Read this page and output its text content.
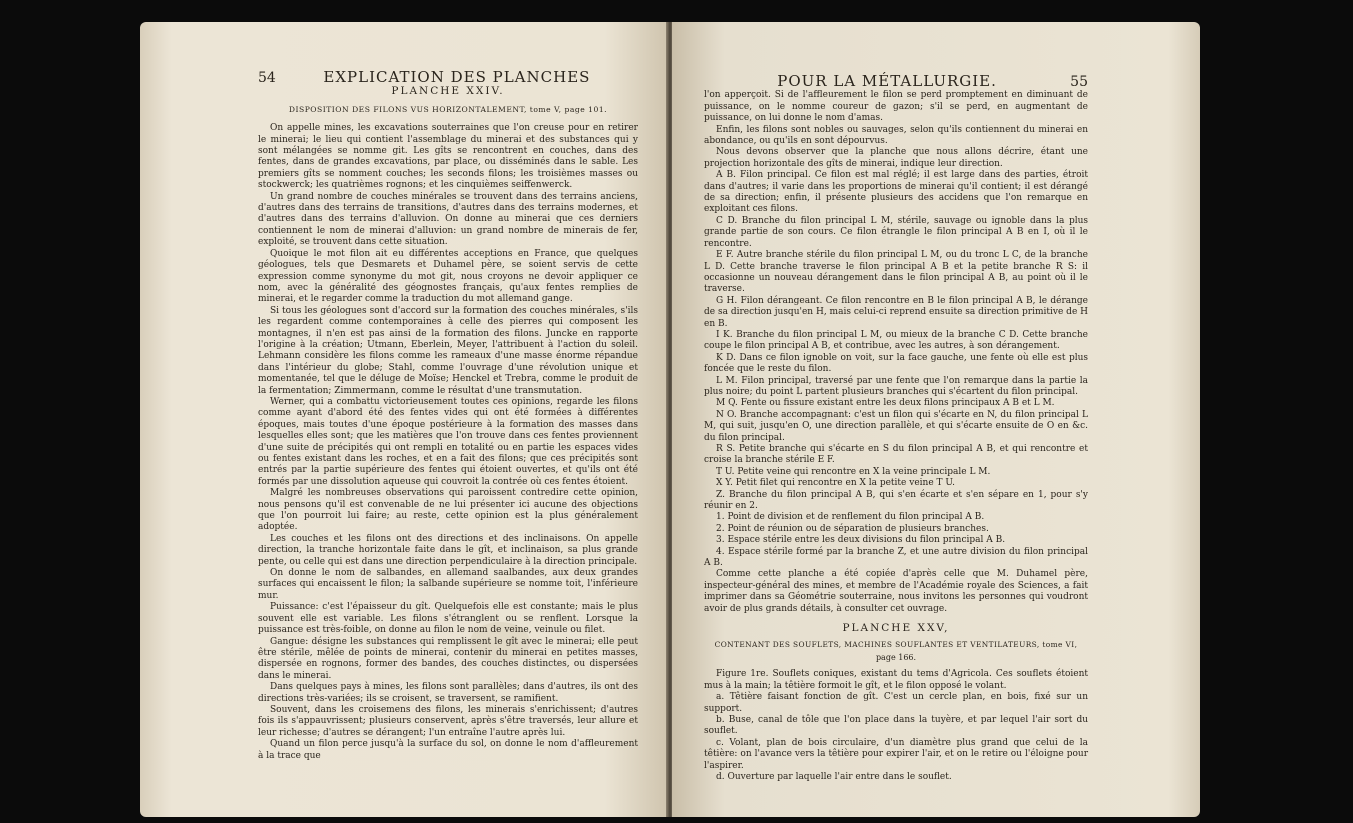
54	EXPLICATION DES PLANCHES
PLANCHE XXIV.
DISPOSITION DES FILONS VUS HORIZONTALEMENT, tome V, page 101.

On appelle mines, les excavations souterraines que l'on creuse pour en retirer le minerai; le lieu qui contient l'assemblage du minerai et des substances qui y sont mélangées se nomme git. Les gîts se rencontrent en couches, dans des fentes, dans de grandes excavations, par place, ou disséminés dans le sable. Les premiers gîts se nomment couches; les seconds filons; les troisièmes masses ou stockwerck; les quatrièmes rognons; et les cinquièmes seiffenwerck.

Un grand nombre de couches minérales se trouvent dans des terrains anciens, d'autres dans des terrains de transitions, d'autres dans des terrains modernes, et d'autres dans des terrains d'alluvion. On donne au minerai que ces derniers contiennent le nom de minerai d'alluvion: un grand nombre de minerais de fer, exploité, se trouvent dans cette situation.

Quoique le mot filon ait eu différentes acceptions en France, que quelques géologues, tels que Desmarets et Duhamel père, se soient servis de cette expression comme synonyme du mot git, nous croyons ne devoir appliquer ce nom, avec la généralité des géognostes français, qu'aux fentes remplies de minerai, et le regarder comme la traduction du mot allemand gange.

Si tous les géologues sont d'accord sur la formation des couches minérales, s'ils les regardent comme contemporaines à celle des pierres qui composent les montagnes, il n'en est pas ainsi de la formation des filons. Juncke en rapporte l'origine à la création; Utmann, Eberlein, Meyer, l'attribuent à l'action du soleil. Lehmann considère les filons comme les rameaux d'une masse énorme répandue dans l'intérieur du globe; Stahl, comme l'ouvrage d'une révolution unique et momentanée, tel que le déluge de Moïse; Henckel et Trebra, comme le produit de la fermentation; Zimmermann, comme le résultat d'une transmutation.

Werner, qui a combattu victorieusement toutes ces opinions, regarde les filons comme ayant d'abord été des fentes vides qui ont été formées à différentes époques, mais toutes d'une époque postérieure à la formation des masses dans lesquelles elles sont; que les matières que l'on trouve dans ces fentes proviennent d'une suite de précipités qui ont rempli en totalité ou en partie les espaces vides ou fentes existant dans les roches, et en a fait des filons; que ces précipités sont entrés par la partie supérieure des fentes qui étoient ouvertes, et qu'ils ont été formés par une dissolution aqueuse qui couvroit la contrée où ces fentes étoient.

Malgré les nombreuses observations qui paroissent contredire cette opinion, nous pensons qu'il est convenable de ne lui présenter ici aucune des objections que l'on pourroit lui faire; au reste, cette opinion est la plus généralement adoptée.

Les couches et les filons ont des directions et des inclinaisons. On appelle direction, la tranche horizontale faite dans le gît, et inclinaison, sa plus grande pente, ou celle qui est dans une direction perpendiculaire à la direction principale.

On donne le nom de salbandes, en allemand saalbandes, aux deux grandes surfaces qui encaissent le filon; la salbande supérieure se nomme toit, l'inférieure mur.

Puissance: c'est l'épaisseur du gît. Quelquefois elle est constante; mais le plus souvent elle est variable. Les filons s'étranglent ou se renflent. Lorsque la puissance est très-foible, on donne au filon le nom de veine, veinule ou filet.

Gangue: désigne les substances qui remplissent le gît avec le minerai; elle peut être stérile, mêlée de points de minerai, contenir du minerai en petites masses, dispersée en rognons, former des bandes, des couches distinctes, ou dispersées dans le minerai.

Dans quelques pays à mines, les filons sont parallèles; dans d'autres, ils ont des directions très-variées; ils se croisent, se traversent, se ramifient.

Souvent, dans les croisemens des filons, les minerais s'enrichissent; d'autres fois ils s'appauvrissent; plusieurs conservent, après s'être traversés, leur allure et leur richesse; d'autres se dérangent; l'un entraîne l'autre après lui.

Quand un filon perce jusqu'à la surface du sol, on donne le nom d'affleurement à la trace que

POUR LA MÉTALLURGIE.	55

l'on apperçoit. Si de l'affleurement le filon se perd promptement en diminuant de puissance, on le nomme coureur de gazon; s'il se perd, en augmentant de puissance, on lui donne le nom d'amas.

Enfin, les filons sont nobles ou sauvages, selon qu'ils contiennent du minerai en abondance, ou qu'ils en sont dépourvus.

Nous devons observer que la planche que nous allons décrire, étant une projection horizontale des gîts de minerai, indique leur direction.

A B. Filon principal. Ce filon est mal réglé; il est large dans des parties, étroit dans d'autres; il varie dans les proportions de minerai qu'il contient; il est dérangé de sa direction; enfin, il présente plusieurs des accidens que l'on remarque en exploitant ces filons.

C D. Branche du filon principal L M, stérile, sauvage ou ignoble dans la plus grande partie de son cours. Ce filon étrangle le filon principal A B en I, où il le rencontre.

E F. Autre branche stérile du filon principal L M, ou du tronc L C, de la branche L D. Cette branche traverse le filon principal A B et la petite branche R S: il occasionne un nouveau dérangement dans le filon principal A B, au point où il le traverse.

G H. Filon dérangeant. Ce filon rencontre en B le filon principal A B, le dérange de sa direction jusqu'en H, mais celui-ci reprend ensuite sa direction primitive de H en B.

I K. Branche du filon principal L M, ou mieux de la branche C D. Cette branche coupe le filon principal A B, et contribue, avec les autres, à son dérangement.

K D. Dans ce filon ignoble on voit, sur la face gauche, une fente où elle est plus foncée que le reste du filon.

L M. Filon principal, traversé par une fente que l'on remarque dans la partie la plus noire; du point L partent plusieurs branches qui s'écartent du filon principal.

M Q. Fente ou fissure existant entre les deux filons principaux A B et L M.

N O. Branche accompagnant: c'est un filon qui s'écarte en N, du filon principal L M, qui suit, jusqu'en O, une direction parallèle, et qui s'écarte ensuite de O en &c. du filon principal.

R S. Petite branche qui s'écarte en S du filon principal A B, et qui rencontre et croise la branche stérile E F.

T U. Petite veine qui rencontre en X la veine principale L M.

X Y. Petit filet qui rencontre en X la petite veine T U.

Z. Branche du filon principal A B, qui s'en écarte et s'en sépare en 1, pour s'y réunir en 2.

1. Point de division et de renflement du filon principal A B.

2. Point de réunion ou de séparation de plusieurs branches.

3. Espace stérile entre les deux divisions du filon principal A B.

4. Espace stérile formé par la branche Z, et une autre division du filon principal A B.

Comme cette planche a été copiée d'après celle que M. Duhamel père, inspecteur-général des mines, et membre de l'Académie royale des Sciences, a fait imprimer dans sa Géométrie souterraine, nous invitons les personnes qui voudront avoir de plus grands détails, à consulter cet ouvrage.

PLANCHE XXV,
CONTENANT DES SOUFLETS, MACHINES SOUFLANTES ET VENTILATEURS, tome VI,
page 166.

Figure 1re. Souflets coniques, existant du tems d'Agricola. Ces souflets étoient mus à la main; la têtière formoit le gît, et le filon opposé le volant.

a. Têtière faisant fonction de gît. C'est un cercle plan, en bois, fixé sur un support.

b. Buse, canal de tôle que l'on place dans la tuyère, et par lequel l'air sort du souflet.

c. Volant, plan de bois circulaire, d'un diamètre plus grand que celui de la têtière: on l'avance vers la têtière pour expirer l'air, et on le retire ou l'éloigne pour l'aspirer.

d. Ouverture par laquelle l'air entre dans le souflet.
